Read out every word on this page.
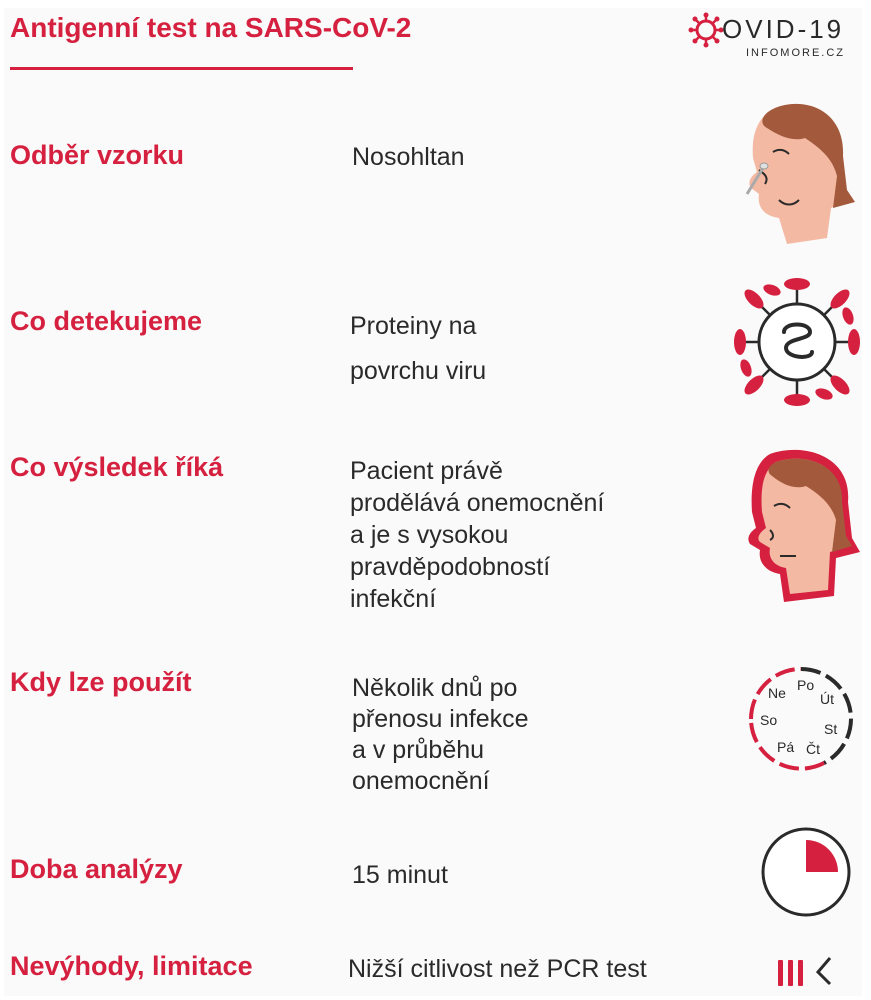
Antigenní test na SARS-CoV-2	OVID-19
INFOMORE.CZ
Odběr vzorku	Nosohltan
Co detekujeme	Proteiny na
povrchu viru
Co výsledek říká	Pacient právě
prodělává onemocnění
a je s vysokou
pravděpodobností
infekční
Kdy lze použít	Několik dnů po
přenosu infekce
a v průběhu
onemocnění
Po
Út
St
Čt
Pá
So
Ne
Doba analýzy	15 minut
Nevýhody, limitace	Nižší citlivost než PCR test
